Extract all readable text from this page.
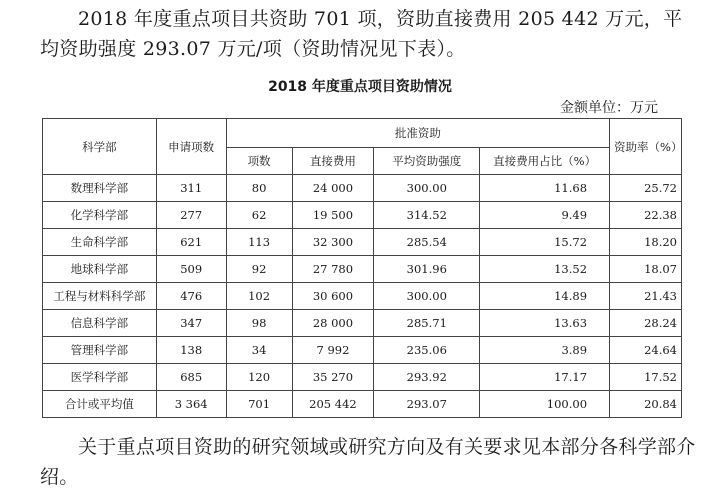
2018 年度重点项目共资助 701 项，资助直接费用 205 442 万元，平均资助强度 293.07 万元/项（资助情况见下表）。
2018 年度重点项目资助情况
金额单位：万元
科学部	申请项数	批准资助				资助率（%）
		项数	直接费用	平均资助强度	直接费用占比（%）	
数理科学部	311	80	24 000	300.00	11.68	25.72
化学科学部	277	62	19 500	314.52	9.49	22.38
生命科学部	621	113	32 300	285.54	15.72	18.20
地球科学部	509	92	27 780	301.96	13.52	18.07
工程与材料科学部	476	102	30 600	300.00	14.89	21.43
信息科学部	347	98	28 000	285.71	13.63	28.24
管理科学部	138	34	7 992	235.06	3.89	24.64
医学科学部	685	120	35 270	293.92	17.17	17.52
合计或平均值	3 364	701	205 442	293.07	100.00	20.84
关于重点项目资助的研究领域或研究方向及有关要求见本部分各科学部介绍。
